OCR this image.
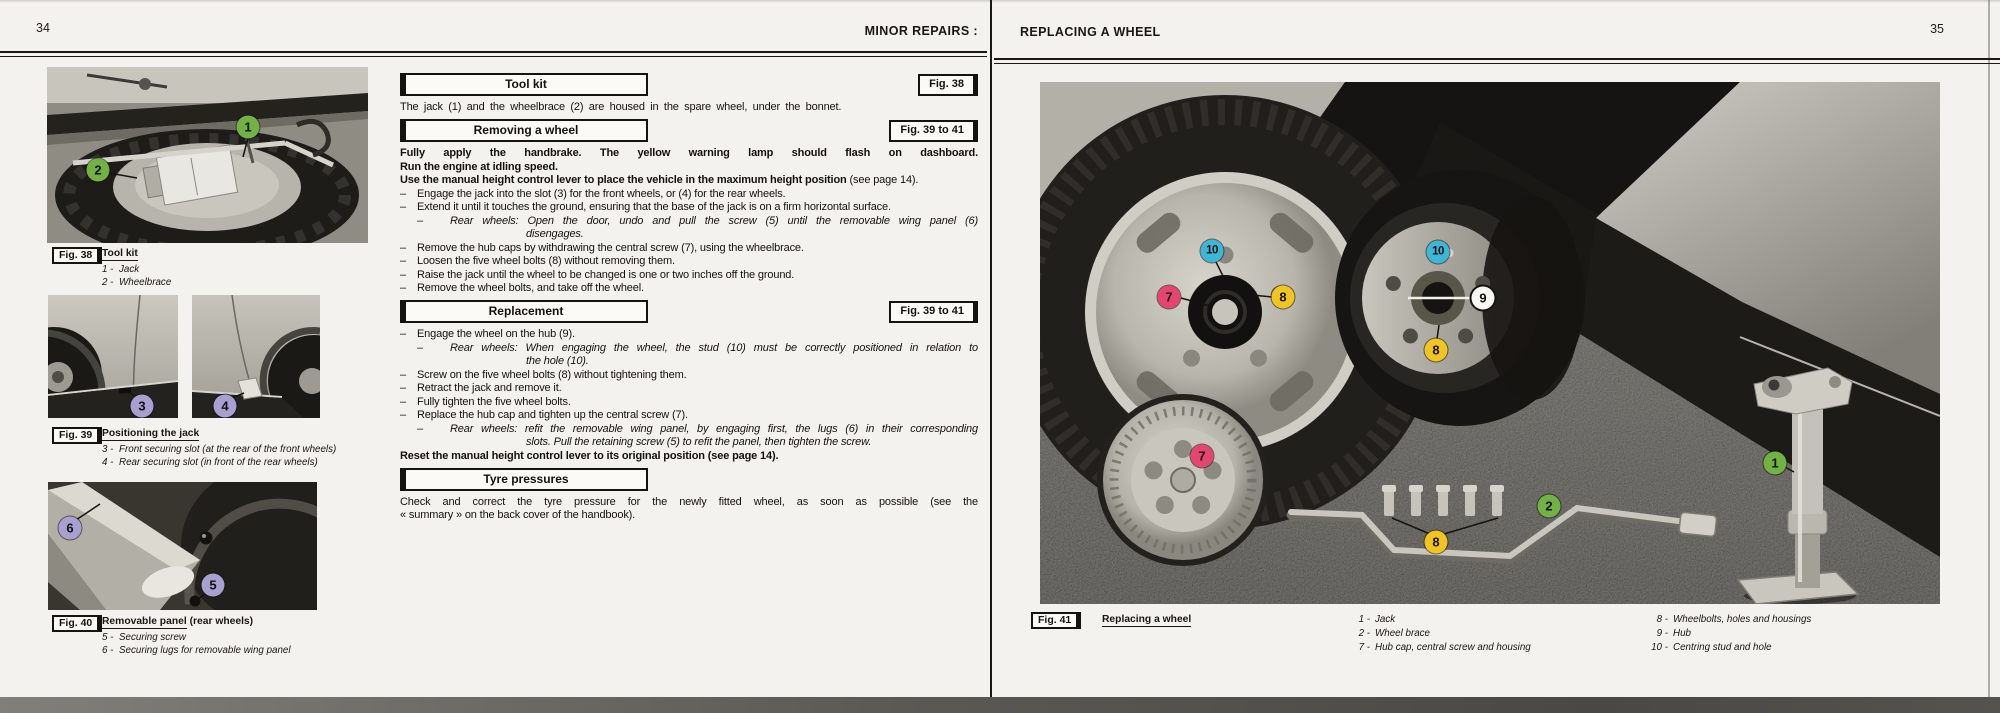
34	MINOR REPAIRS :	REPLACING A WHEEL	35
1
2
Fig. 38 Tool kit
1 - Jack
2 - Wheelbrace
3	4
Fig. 39 Positioning the jack
3 - Front securing slot (at the rear of the front wheels)
4 - Rear securing slot (in front of the rear wheels)
6
5
Fig. 40 Removable panel (rear wheels)
5 - Securing screw
6 - Securing lugs for removable wing panel
Tool kit	Fig. 38
The jack (1) and the wheelbrace (2) are housed in the spare wheel, under the bonnet.
Removing a wheel	Fig. 39 to 41
Fully apply the handbrake. The yellow warning lamp should flash on dashboard.
Run the engine at idling speed.
Use the manual height control lever to place the vehicle in the maximum height position (see page 14).
– Engage the jack into the slot (3) for the front wheels, or (4) for the rear wheels.
– Extend it until it touches the ground, ensuring that the base of the jack is on a firm horizontal surface.
– Rear wheels: Open the door, undo and pull the screw (5) until the removable wing panel (6)
disengages.
– Remove the hub caps by withdrawing the central screw (7), using the wheelbrace.
– Loosen the five wheel bolts (8) without removing them.
– Raise the jack until the wheel to be changed is one or two inches off the ground.
– Remove the wheel bolts, and take off the wheel.
Replacement	Fig. 39 to 41
– Engage the wheel on the hub (9).
– Rear wheels: When engaging the wheel, the stud (10) must be correctly positioned in relation to
the hole (10).
– Screw on the five wheel bolts (8) without tightening them.
– Retract the jack and remove it.
– Fully tighten the five wheel bolts.
– Replace the hub cap and tighten up the central screw (7).
– Rear wheels: refit the removable wing panel, by engaging first, the lugs (6) in their corresponding
slots. Pull the retaining screw (5) to refit the panel, then tighten the screw.
Reset the manual height control lever to its original position (see page 14).
Tyre pressures
Check and correct the tyre pressure for the newly fitted wheel, as soon as possible (see the
« summary » on the back cover of the handbook).
10
7	8
10
9
8
7
8
2
1
Fig. 41	Replacing a wheel	1 - Jack
2 - Wheel brace
7 - Hub cap, central screw and housing
8 - Wheelbolts, holes and housings
9 - Hub
10 - Centring stud and hole
